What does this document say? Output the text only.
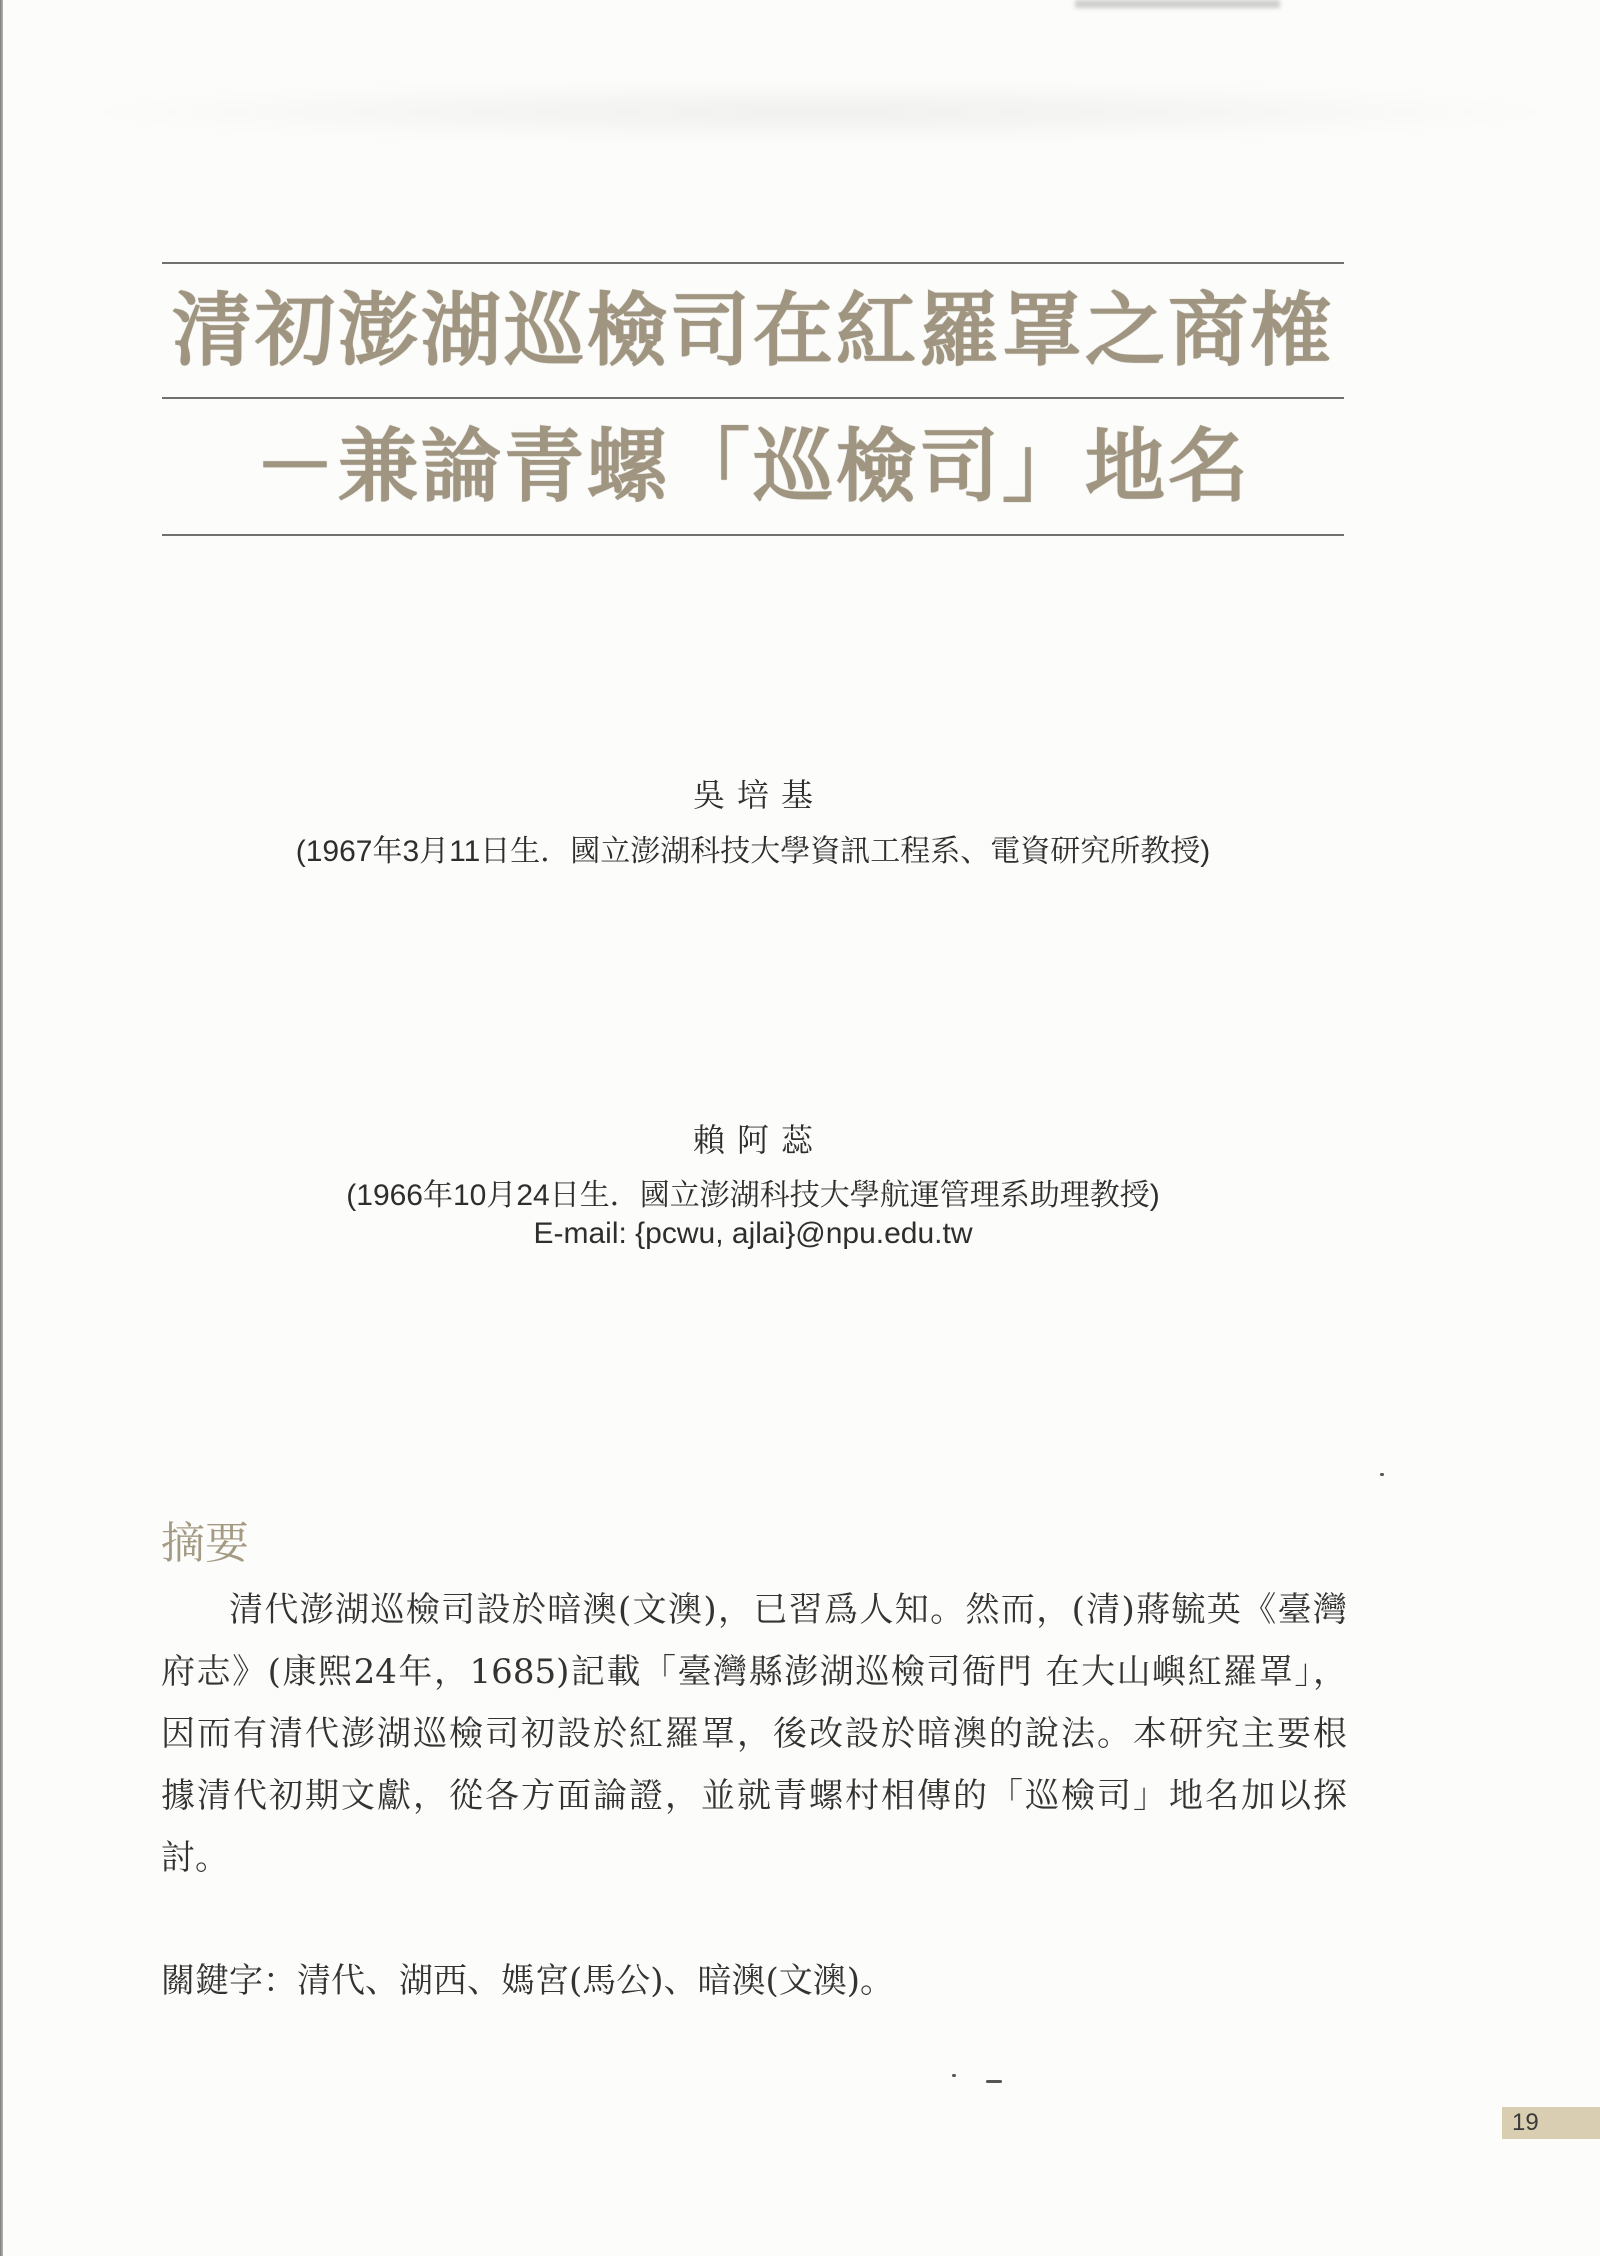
清初澎湖巡檢司在紅羅罩之商榷
－兼論青螺「巡檢司」地名
吳培基
(1967年3月11日生．國立澎湖科技大學資訊工程系、電資研究所教授)
賴阿蕊
(1966年10月24日生．國立澎湖科技大學航運管理系助理教授)
E-mail: {pcwu, ajlai}@npu.edu.tw
摘要
清代澎湖巡檢司設於暗澳(文澳)，已習爲人知。然而，(清)蔣毓英《臺灣
府志》(康熙24年，1685)記載「臺灣縣澎湖巡檢司衙門 在大山嶼紅羅罩」，
因而有清代澎湖巡檢司初設於紅羅罩，後改設於暗澳的說法。本研究主要根
據清代初期文獻，從各方面論證，並就青螺村相傳的「巡檢司」地名加以探
討。
關鍵字：清代、湖西、媽宮(馬公)、暗澳(文澳)。
19
